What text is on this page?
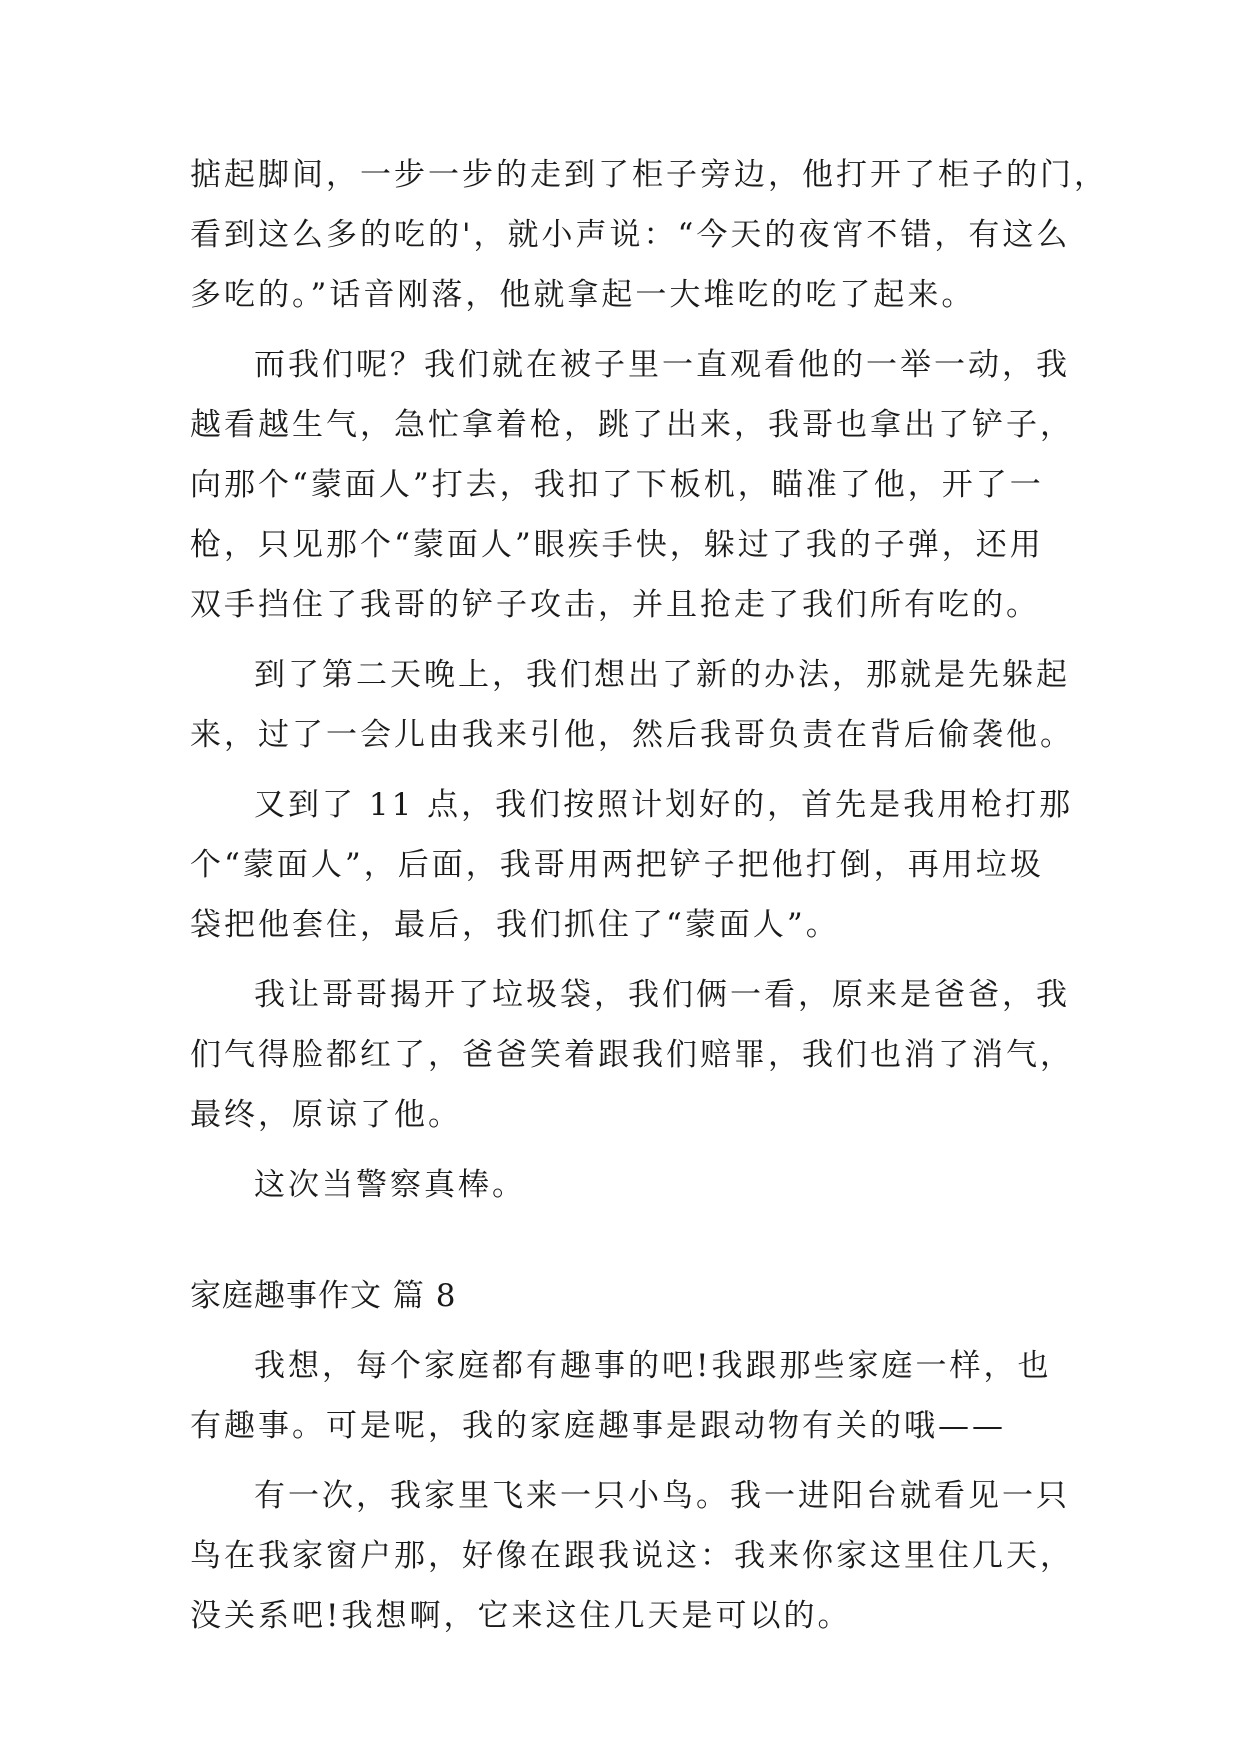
掂起脚间，一步一步的走到了柜子旁边，他打开了柜子的门，
看到这么多的吃的'，就小声说：“今天的夜宵不错，有这么
多吃的。”话音刚落，他就拿起一大堆吃的吃了起来。
而我们呢？我们就在被子里一直观看他的一举一动，我
越看越生气，急忙拿着枪，跳了出来，我哥也拿出了铲子，
向那个“蒙面人”打去，我扣了下板机，瞄准了他，开了一
枪，只见那个“蒙面人”眼疾手快，躲过了我的子弹，还用
双手挡住了我哥的铲子攻击，并且抢走了我们所有吃的。
到了第二天晚上，我们想出了新的办法，那就是先躲起
来，过了一会儿由我来引他，然后我哥负责在背后偷袭他。
又到了 11 点，我们按照计划好的，首先是我用枪打那
个“蒙面人”，后面，我哥用两把铲子把他打倒，再用垃圾
袋把他套住，最后，我们抓住了“蒙面人”。
我让哥哥揭开了垃圾袋，我们俩一看，原来是爸爸，我
们气得脸都红了，爸爸笑着跟我们赔罪，我们也消了消气，
最终，原谅了他。
这次当警察真棒。
家庭趣事作文 篇 8
我想，每个家庭都有趣事的吧!我跟那些家庭一样，也
有趣事。可是呢，我的家庭趣事是跟动物有关的哦——
有一次，我家里飞来一只小鸟。我一进阳台就看见一只
鸟在我家窗户那，好像在跟我说这：我来你家这里住几天，
没关系吧!我想啊，它来这住几天是可以的。
